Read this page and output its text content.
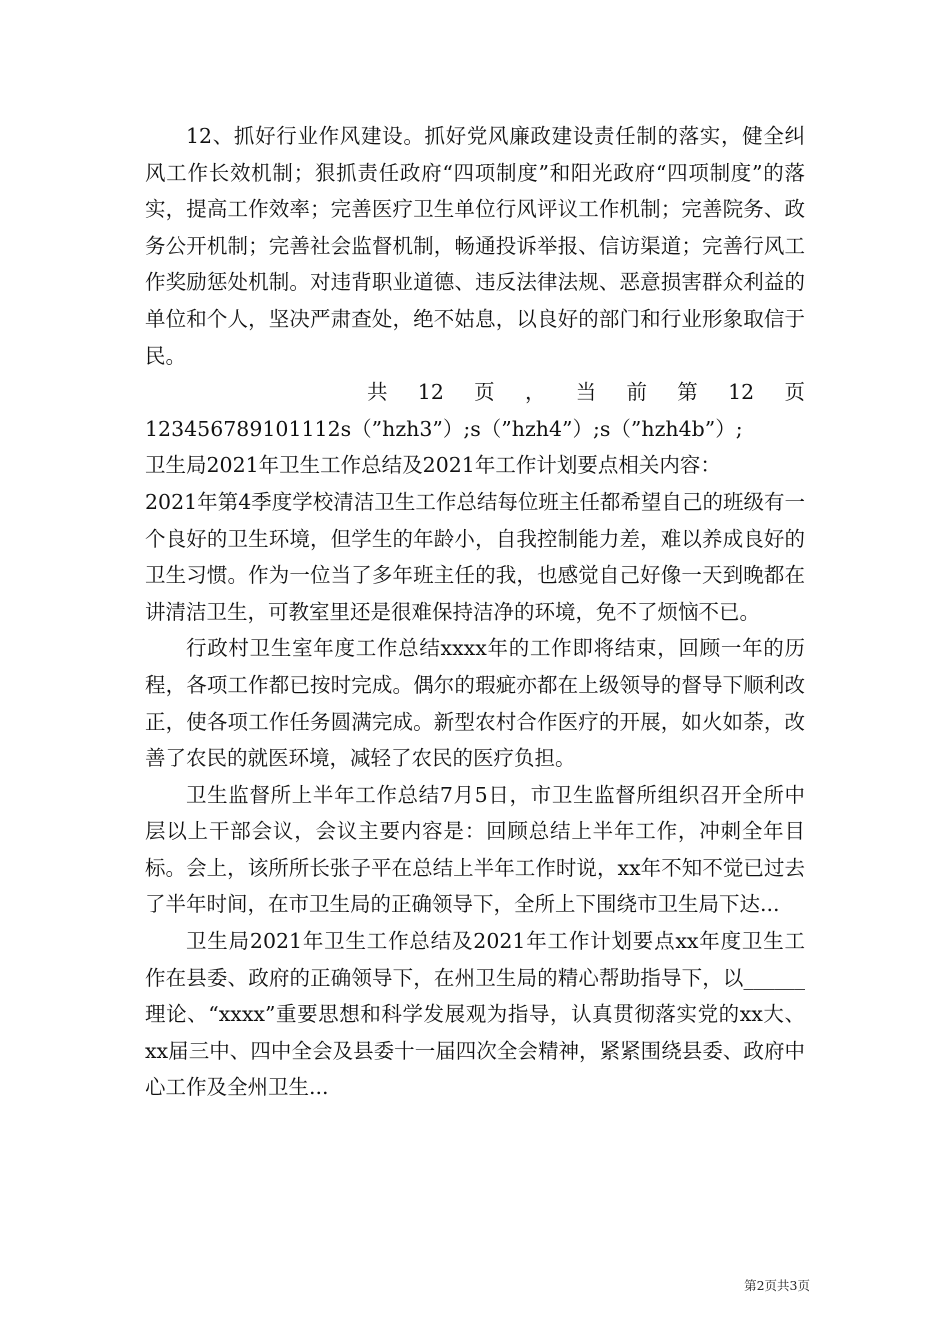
12、抓好行业作风建设。抓好党风廉政建设责任制的落实，健全纠风工作长效机制；狠抓责任政府“四项制度”和阳光政府“四项制度”的落实，提高工作效率；完善医疗卫生单位行风评议工作机制；完善院务、政务公开机制；完善社会监督机制，畅通投诉举报、信访渠道；完善行风工作奖励惩处机制。对违背职业道德、违反法律法规、恶意损害群众利益的单位和个人，坚决严肃查处，绝不姑息，以良好的部门和行业形象取信于民。

共 12 页 ， 当 前 第 12 页

123456789101112s（”hzh3”）;s（”hzh4”）;s（”hzh4b”）;

卫生局2021年卫生工作总结及2021年工作计划要点相关内容：

2021年第4季度学校清洁卫生工作总结每位班主任都希望自己的班级有一个良好的卫生环境，但学生的年龄小，自我控制能力差，难以养成良好的卫生习惯。作为一位当了多年班主任的我，也感觉自己好像一天到晚都在讲清洁卫生，可教室里还是很难保持洁净的环境，免不了烦恼不已。

行政村卫生室年度工作总结xxxx年的工作即将结束，回顾一年的历程，各项工作都已按时完成。偶尔的瑕疵亦都在上级领导的督导下顺利改正，使各项工作任务圆满完成。新型农村合作医疗的开展，如火如荼，改善了农民的就医环境，减轻了农民的医疗负担。

卫生监督所上半年工作总结7月5日，市卫生监督所组织召开全所中层以上干部会议，会议主要内容是：回顾总结上半年工作，冲刺全年目标。会上，该所所长张子平在总结上半年工作时说，xx年不知不觉已过去了半年时间，在市卫生局的正确领导下，全所上下围绕市卫生局下达...

卫生局2021年卫生工作总结及2021年工作计划要点xx年度卫生工作在县委、政府的正确领导下，在州卫生局的精心帮助指导下，以______理论、“xxxx”重要思想和科学发展观为指导，认真贯彻落实党的xx大、xx届三中、四中全会及县委十一届四次全会精神，紧紧围绕县委、政府中心工作及全州卫生...

第2页共3页
